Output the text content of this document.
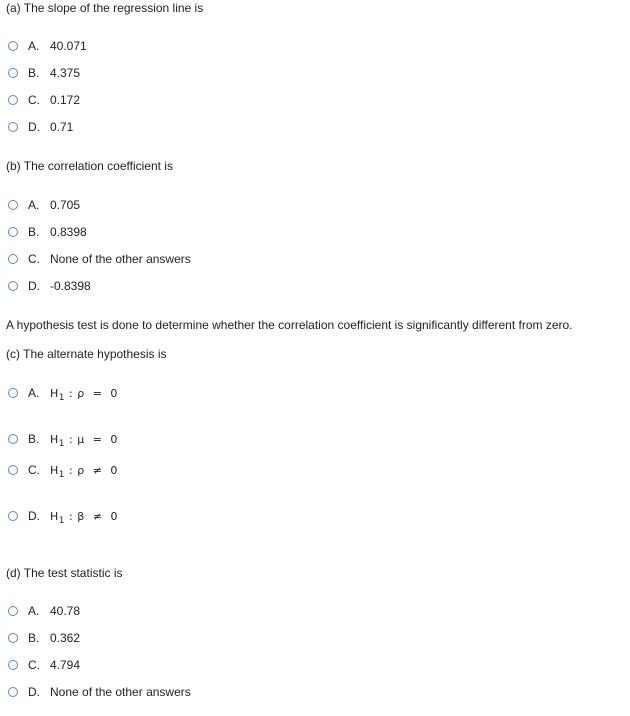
(a) The slope of the regression line is
A. 40.071
B. 4.375
C. 0.172
D. 0.71
(b) The correlation coefficient is
A. 0.705
B. 0.8398
C. None of the other answers
D. -0.8398
A hypothesis test is done to determine whether the correlation coefficient is significantly different from zero.
(c) The alternate hypothesis is
A. $H_1$ : ρ  =  0
B. $H_1$ : μ  =  0
C. $H_1$ : ρ  ≠  0
D. $H_1$ : β  ≠  0
(d) The test statistic is
A. 40.78
B. 0.362
C. 4.794
D. None of the other answers
